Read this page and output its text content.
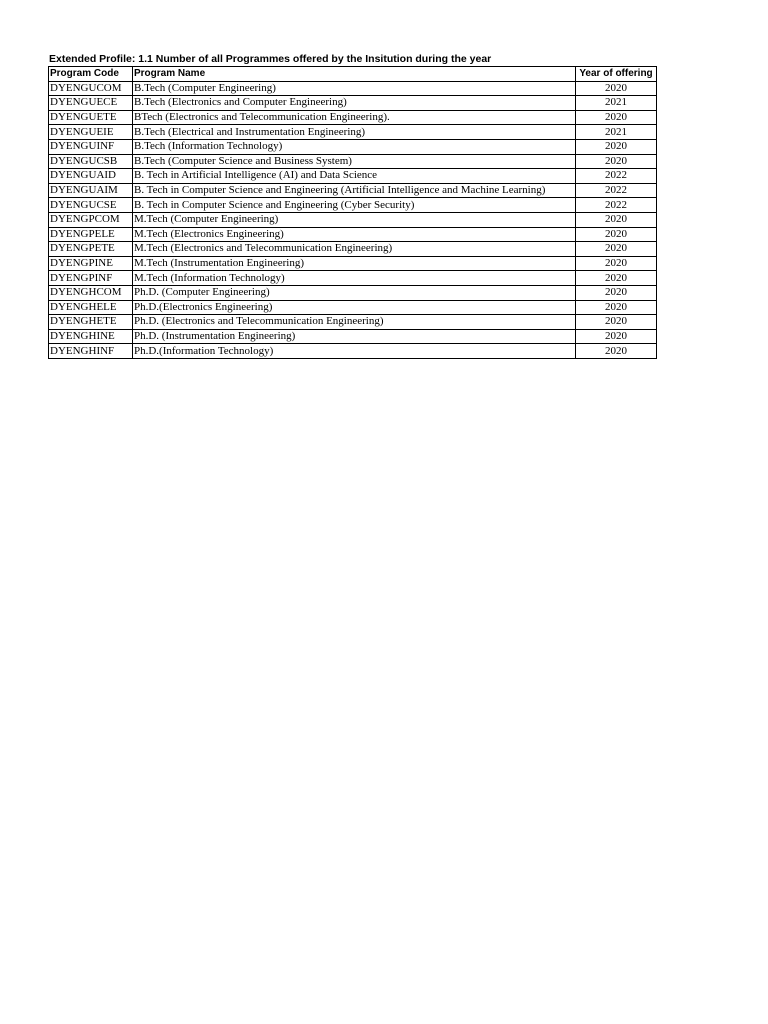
Extended Profile: 1.1 Number of all Programmes offered by the Insitution during the year
Program Code	Program Name	Year of offering
DYENGUCOM	B.Tech (Computer Engineering)	2020
DYENGUECE	B.Tech (Electronics and Computer Engineering)	2021
DYENGUETE	BTech (Electronics and Telecommunication Engineering).	2020
DYENGUEIE	B.Tech (Electrical and Instrumentation Engineering)	2021
DYENGUINF	B.Tech (Information Technology)	2020
DYENGUCSB	B.Tech (Computer Science and Business System)	2020
DYENGUAID	B. Tech in Artificial Intelligence (AI) and Data Science	2022
DYENGUAIM	B. Tech in Computer Science and Engineering (Artificial Intelligence and Machine Learning)	2022
DYENGUCSE	B. Tech in Computer Science and Engineering (Cyber Security)	2022
DYENGPCOM	M.Tech (Computer Engineering)	2020
DYENGPELE	M.Tech (Electronics Engineering)	2020
DYENGPETE	M.Tech (Electronics and Telecommunication Engineering)	2020
DYENGPINE	M.Tech (Instrumentation Engineering)	2020
DYENGPINF	M.Tech (Information Technology)	2020
DYENGHCOM	Ph.D. (Computer Engineering)	2020
DYENGHELE	Ph.D.(Electronics Engineering)	2020
DYENGHETE	Ph.D. (Electronics and Telecommunication Engineering)	2020
DYENGHINE	Ph.D. (Instrumentation Engineering)	2020
DYENGHINF	Ph.D.(Information Technology)	2020
